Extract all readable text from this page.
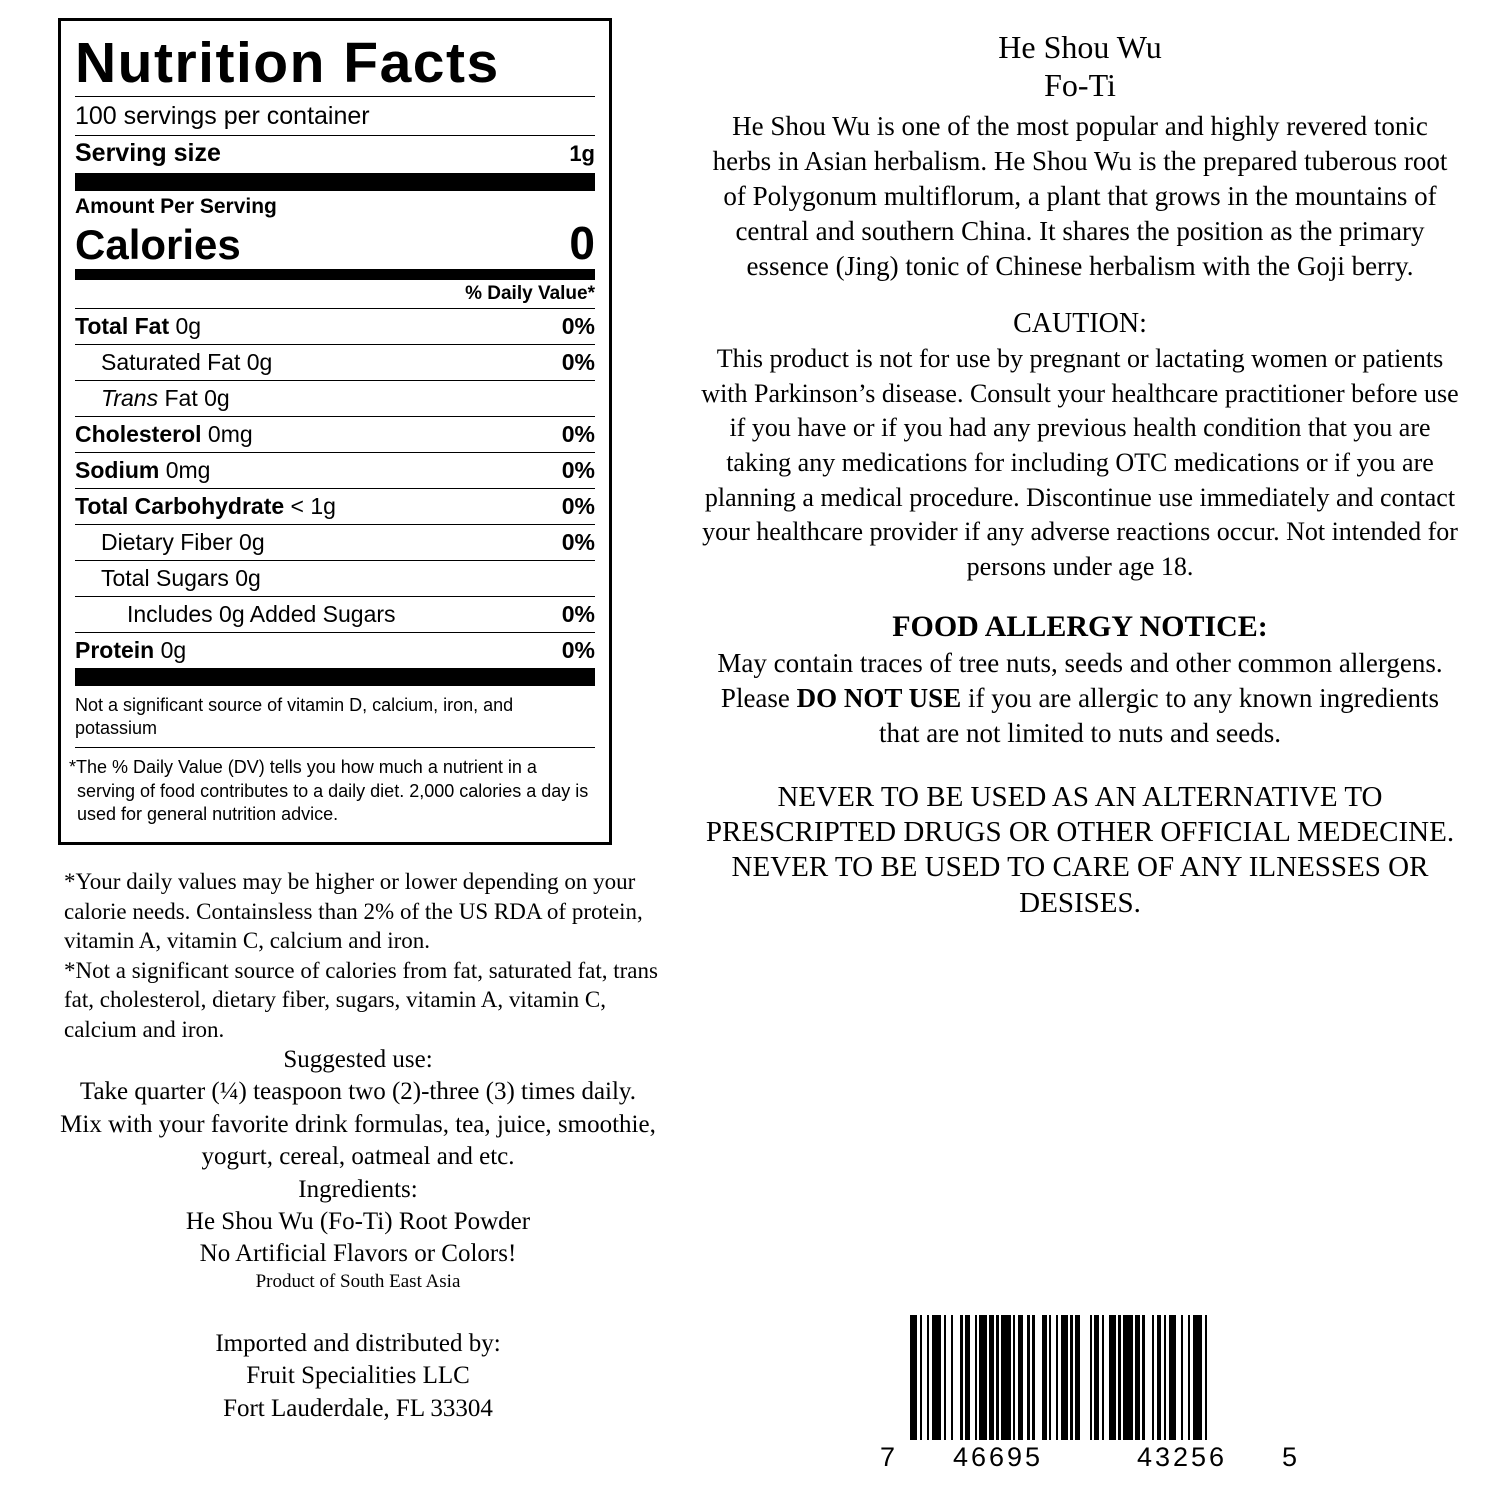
Nutrition Facts
100 servings per container
Serving size	1g
Amount Per Serving
Calories	0
% Daily Value*
Total Fat 0g	0%
Saturated Fat 0g	0%
Trans Fat 0g
Cholesterol 0mg	0%
Sodium 0mg	0%
Total Carbohydrate < 1g	0%
Dietary Fiber 0g	0%
Total Sugars 0g
Includes 0g Added Sugars	0%
Protein 0g	0%
Not a significant source of vitamin D, calcium, iron, and potassium
*The % Daily Value (DV) tells you how much a nutrient in a serving of food contributes to a daily diet. 2,000 calories a day is used for general nutrition advice.

*Your daily values may be higher or lower depending on your calorie needs. Containsless than 2% of the US RDA of protein, vitamin A, vitamin C, calcium and iron.

*Not a significant source of calories from fat, saturated fat, trans fat, cholesterol, dietary fiber, sugars, vitamin A, vitamin C, calcium and iron.

Suggested use:

Take quarter (¼) teaspoon two (2)-three (3) times daily. Mix with your favorite drink formulas, tea, juice, smoothie, yogurt, cereal, oatmeal and etc.

Ingredients:

He Shou Wu (Fo-Ti) Root Powder

No Artificial Flavors or Colors!

Product of South East Asia

Imported and distributed by:

Fruit Specialities LLC

Fort Lauderdale, FL 33304

He Shou Wu
Fo-Ti

He Shou Wu is one of the most popular and highly revered tonic herbs in Asian herbalism. He Shou Wu is the prepared tuberous root of Polygonum multiflorum, a plant that grows in the mountains of central and southern China. It shares the position as the primary essence (Jing) tonic of Chinese herbalism with the Goji berry.

CAUTION:

This product is not for use by pregnant or lactating women or patients with Parkinson’s disease. Consult your healthcare practitioner before use if you have or if you had any previous health condition that you are taking any medications for including OTC medications or if you are planning a medical procedure. Discontinue use immediately and contact your healthcare provider if any adverse reactions occur. Not intended for persons under age 18.

FOOD ALLERGY NOTICE:

May contain traces of tree nuts, seeds and other common allergens. Please DO NOT USE if you are allergic to any known ingredients that are not limited to nuts and seeds.

NEVER TO BE USED AS AN ALTERNATIVE TO PRESCRIPTED DRUGS OR OTHER OFFICIAL MEDECINE.
NEVER TO BE USED TO CARE OF ANY ILNESSES OR DESISES.

7	46695	43256	5
